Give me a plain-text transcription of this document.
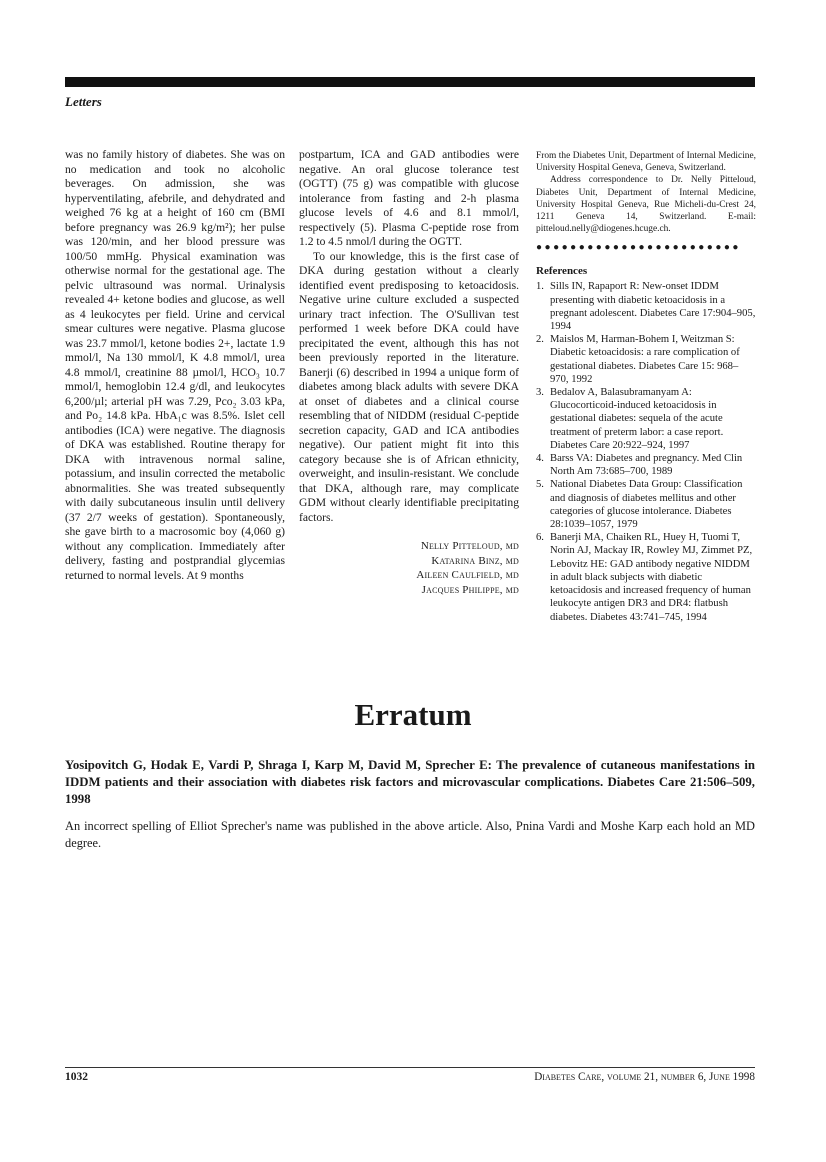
Letters

was no family history of diabetes. She was on no medication and took no alcoholic beverages. On admission, she was hyperventilating, afebrile, and dehydrated and weighed 76 kg at a height of 160 cm (BMI before pregnancy was 26.9 kg/m²); her pulse was 120/min, and her blood pressure was 100/50 mmHg. Physical examination was otherwise normal for the gestational age. The pelvic ultrasound was normal. Urinalysis revealed 4+ ketone bodies and glucose, as well as 4 leukocytes per field. Urine and cervical smear cultures were negative. Plasma glucose was 23.7 mmol/l, ketone bodies 2+, lactate 1.9 mmol/l, Na 130 mmol/l, K 4.8 mmol/l, urea 4.8 mmol/l, creatinine 88 µmol/l, HCO₃ 10.7 mmol/l, hemoglobin 12.4 g/dl, and leukocytes 6,200/µl; arterial pH was 7.29, Pco₂ 3.03 kPa, and Po₂ 14.8 kPa. HbA₁c was 8.5%. Islet cell antibodies (ICA) were negative. The diagnosis of DKA was established. Routine therapy for DKA with intravenous normal saline, potassium, and insulin corrected the metabolic abnormalities. She was treated subsequently with daily subcutaneous insulin until delivery (37 2/7 weeks of gestation). Spontaneously, she gave birth to a macrosomic boy (4,060 g) without any complication. Immediately after delivery, fasting and postprandial glycemias returned to normal levels. At 9 months

postpartum, ICA and GAD antibodies were negative. An oral glucose tolerance test (OGTT) (75 g) was compatible with glucose intolerance from fasting and 2-h plasma glucose levels of 4.6 and 8.1 mmol/l, respectively (5). Plasma C-peptide rose from 1.2 to 4.5 nmol/l during the OGTT.

To our knowledge, this is the first case of DKA during gestation without a clearly identified event predisposing to ketoacidosis. Negative urine culture excluded a suspected urinary tract infection. The O'Sullivan test performed 1 week before DKA could have precipitated the event, although this has not been previously reported in the literature. Banerji (6) described in 1994 a unique form of diabetes among black adults with severe DKA at onset of diabetes and a clinical course resembling that of NIDDM (residual C-peptide secretion capacity, GAD and ICA antibodies negative). Our patient might fit into this category because she is of African ethnicity, overweight, and insulin-resistant. We conclude that DKA, although rare, may complicate GDM without clearly identifiable precipitating factors.

Nelly Pitteloud, md
Katarina Binz, md
Aileen Caulfield, md
Jacques Philippe, md

From the Diabetes Unit, Department of Internal Medicine, University Hospital Geneva, Geneva, Switzerland.

Address correspondence to Dr. Nelly Pitteloud, Diabetes Unit, Department of Internal Medicine, University Hospital Geneva, Rue Micheli-du-Crest 24, 1211 Geneva 14, Switzerland. E-mail: pitteloud.nelly@diogenes.hcuge.ch.

●●●●●●●●●●●●●●●●●●●●●●●●
References
1. Sills IN, Rapaport R: New-onset IDDM presenting with diabetic ketoacidosis in a pregnant adolescent. Diabetes Care 17:904–905, 1994
2. Maislos M, Harman-Bohem I, Weitzman S: Diabetic ketoacidosis: a rare complication of gestational diabetes. Diabetes Care 15: 968–970, 1992
3. Bedalov A, Balasubramanyam A: Glucocorticoid-induced ketoacidosis in gestational diabetes: sequela of the acute treatment of preterm labor: a case report. Diabetes Care 20:922–924, 1997
4. Barss VA: Diabetes and pregnancy. Med Clin North Am 73:685–700, 1989
5. National Diabetes Data Group: Classification and diagnosis of diabetes mellitus and other categories of glucose intolerance. Diabetes 28:1039–1057, 1979
6. Banerji MA, Chaiken RL, Huey H, Tuomi T, Norin AJ, Mackay IR, Rowley MJ, Zimmet PZ, Lebovitz HE: GAD antibody negative NIDDM in adult black subjects with diabetic ketoacidosis and increased frequency of human leukocyte antigen DR3 and DR4: flatbush diabetes. Diabetes 43:741–745, 1994
Erratum
Yosipovitch G, Hodak E, Vardi P, Shraga I, Karp M, David M, Sprecher E: The prevalence of cutaneous manifestations in IDDM patients and their association with diabetes risk factors and microvascular complications. Diabetes Care 21:506–509, 1998
An incorrect spelling of Elliot Sprecher's name was published in the above article. Also, Pnina Vardi and Moshe Karp each hold an MD degree.
1032	Diabetes Care, volume 21, number 6, June 1998
